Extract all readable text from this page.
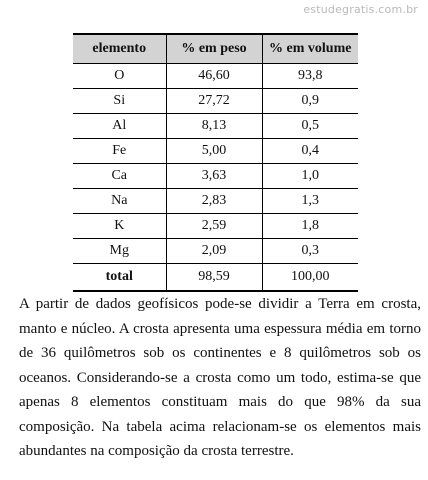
estudegratis.com.br
elemento	% em peso	% em volume
O	46,60	93,8
Si	27,72	0,9
Al	8,13	0,5
Fe	5,00	0,4
Ca	3,63	1,0
Na	2,83	1,3
K	2,59	1,8
Mg	2,09	0,3
total	98,59	100,00

A partir de dados geofísicos pode-se dividir a Terra em crosta,
manto e núcleo. A crosta apresenta uma espessura média em torno
de 36 quilômetros sob os continentes e 8 quilômetros sob os
oceanos. Considerando-se a crosta como um todo, estima-se que
apenas 8 elementos constituam mais do que 98% da sua
composição. Na tabela acima relacionam-se os elementos mais
abundantes na composição da crosta terrestre.
